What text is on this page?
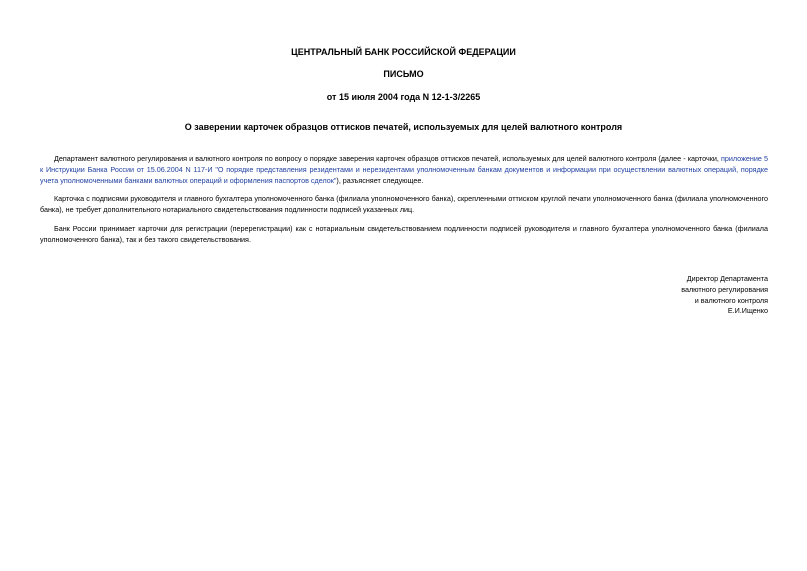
ЦЕНТРАЛЬНЫЙ БАНК РОССИЙСКОЙ ФЕДЕРАЦИИ
ПИСЬМО
от 15 июля 2004 года N 12-1-3/2265
О заверении карточек образцов оттисков печатей, используемых для целей валютного контроля

Департамент валютного регулирования и валютного контроля по вопросу о порядке заверения карточек образцов оттисков печатей, используемых для целей валютного контроля (далее - карточки, приложение 5 к Инструкции Банка России от 15.06.2004 N 117-И "О порядке представления резидентами и нерезидентами уполномоченным банкам документов и информации при осуществлении валютных операций, порядке учета уполномоченными банками валютных операций и оформления паспортов сделок"), разъясняет следующее.

Карточка с подписями руководителя и главного бухгалтера уполномоченного банка (филиала уполномоченного банка), скрепленными оттиском круглой печати уполномоченного банка (филиала уполномоченного банка), не требует дополнительного нотариального свидетельствования подлинности подписей указанных лиц.

Банк России принимает карточки для регистрации (перерегистрации) как с нотариальным свидетельствованием подлинности подписей руководителя и главного бухгалтера уполномоченного банка (филиала уполномоченного банка), так и без такого свидетельствования.

Директор Департамента
валютного регулирования
и валютного контроля
Е.И.Ищенко
